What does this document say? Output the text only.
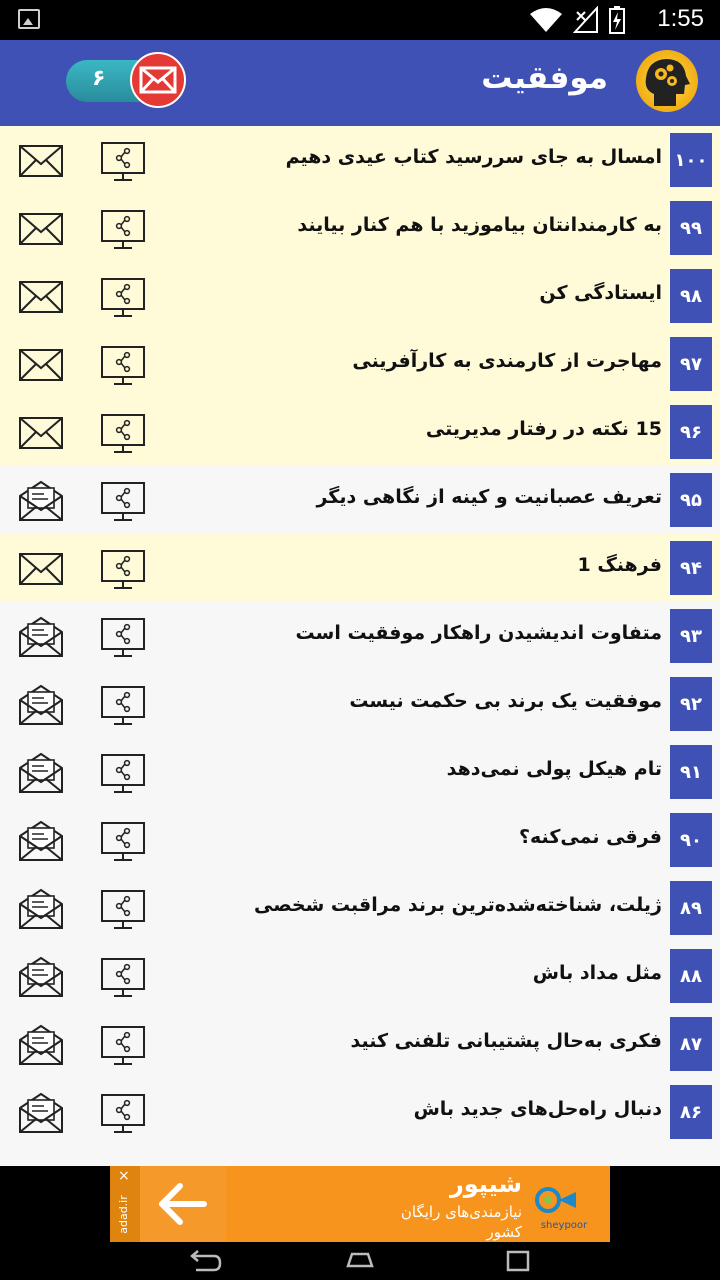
1:55
۶	موفقیت
امسال به جای سررسید کتاب عیدی دهیم ۱۰۰
به کارمندانتان بیاموزید با هم کنار بیایند	۹۹
ایستادگی کن	۹۸
مهاجرت از کارمندی به کارآفرینی	۹۷
15 نکته در رفتار مدیریتی	۹۶
تعریف عصبانیت و کینه از نگاهی دیگر	۹۵
فرهنگ 1	۹۴
متفاوت اندیشیدن راهکار موفقیت است	۹۳
موفقیت یک برند بی حکمت نیست	۹۲
تام هیکل پولی نمی‌دهد	۹۱
فرقی نمی‌کنه؟	۹۰
ژیلت، شناخته‌شده‌ترین برند مراقبت شخصی	۸۹
مثل مداد باش	۸۸
فکری به‌حال پشتیبانی تلفنی کنید	۸۷
دنبال راه‌حل‌های جدید باش	۸۶
×
adad.ir
شیپور
نیازمندی‌های رایگان کشور sheypoor
